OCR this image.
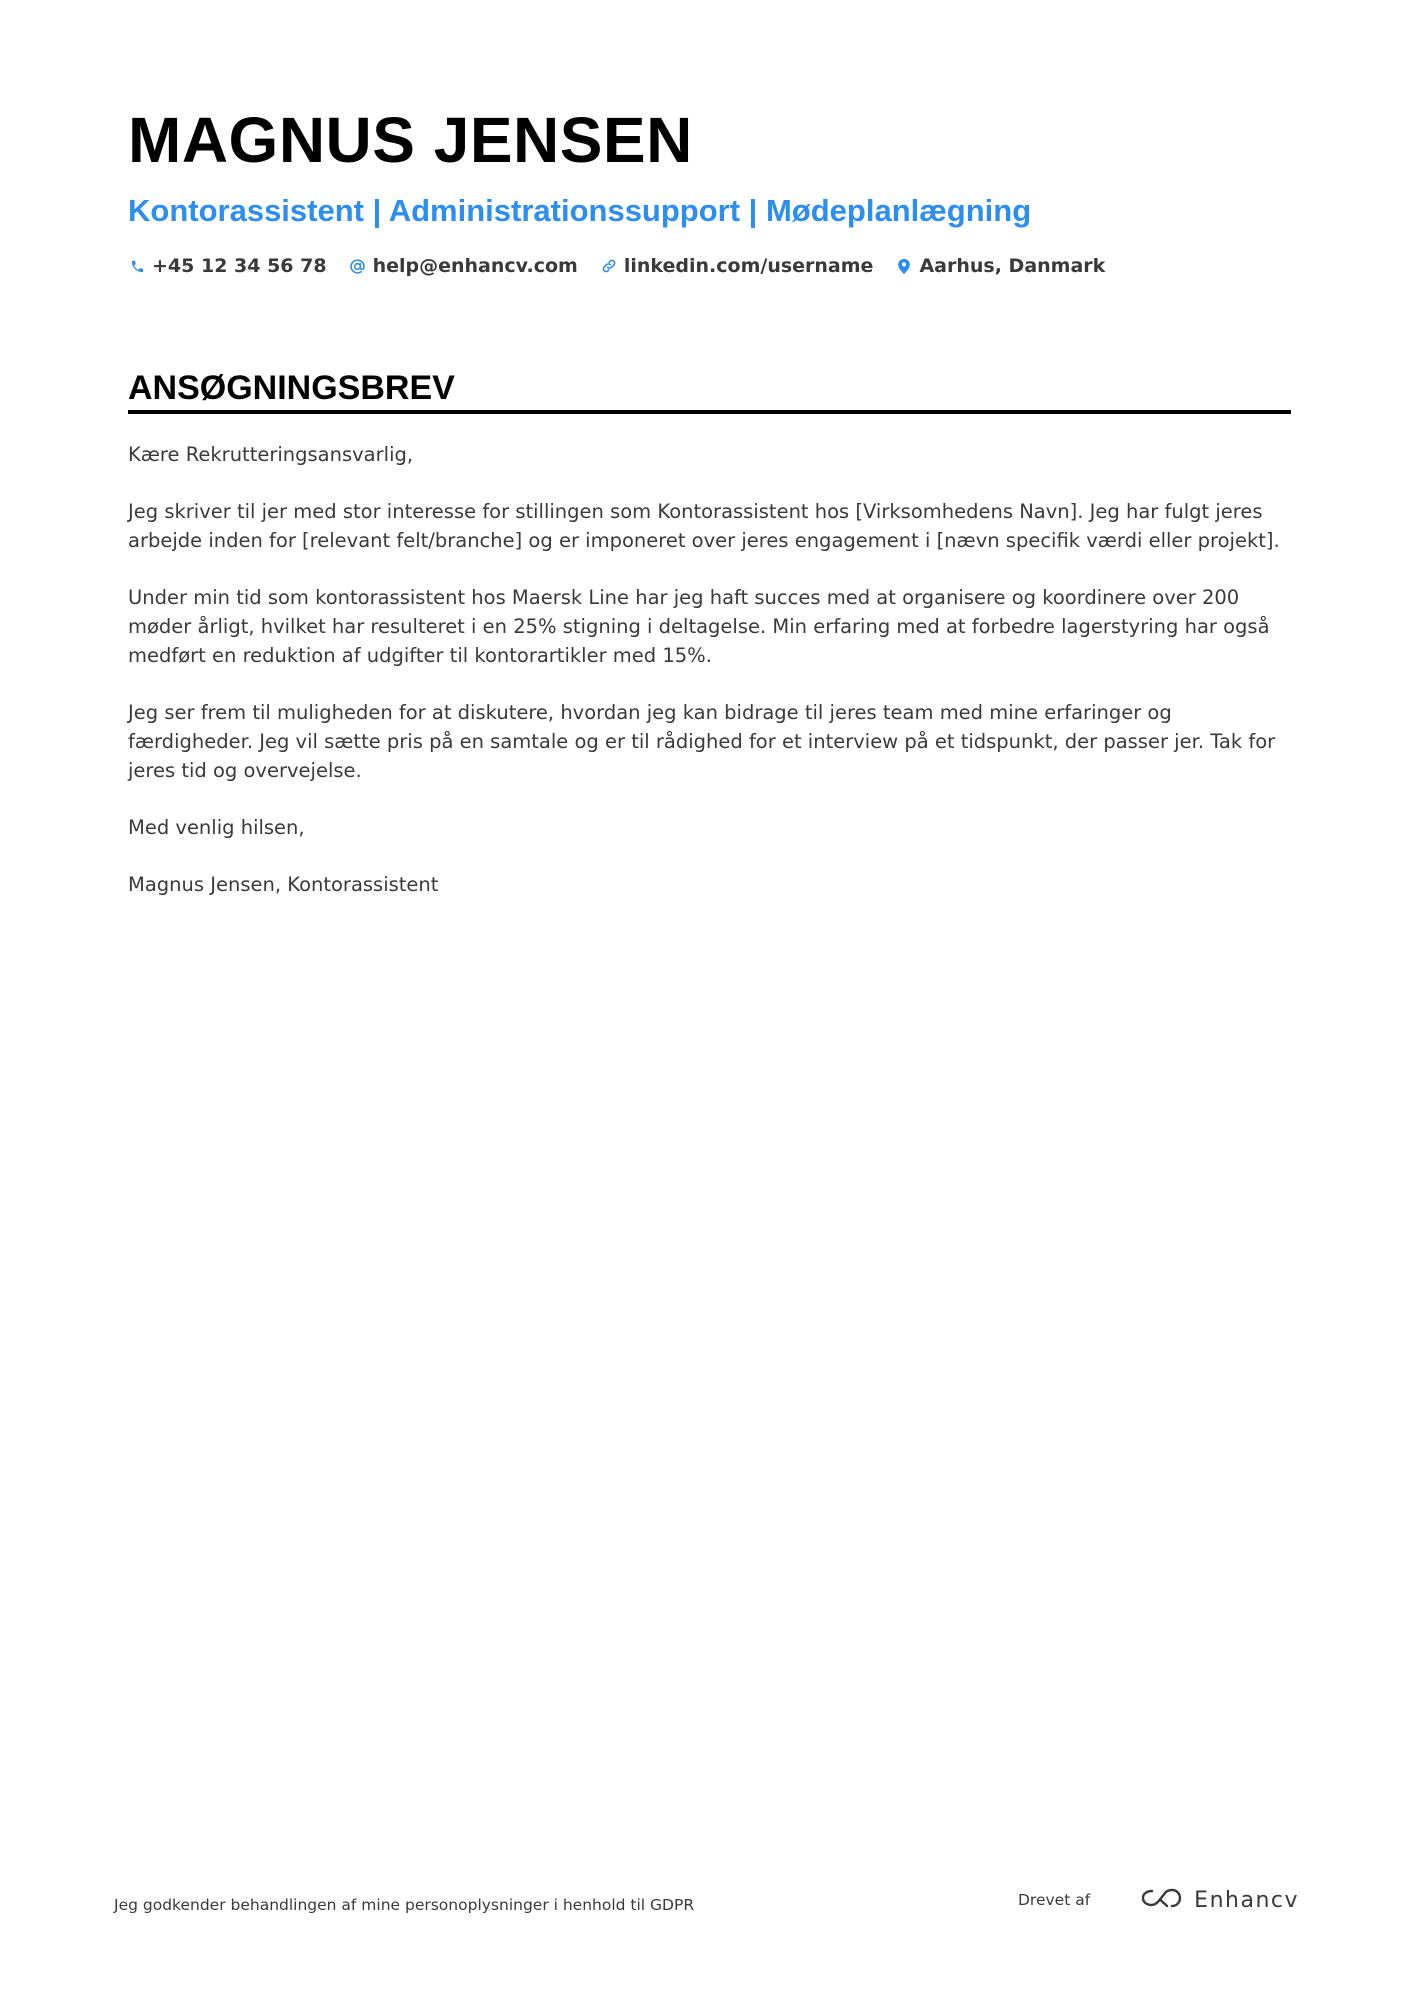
MAGNUS JENSEN
Kontorassistent | Administrationssupport | Mødeplanlægning
+45 12 34 56 78 help@enhancv.com linkedin.com/username Aarhus, Danmark
ANSØGNINGSBREV

Kære Rekrutteringsansvarlig,

Jeg skriver til jer med stor interesse for stillingen som Kontorassistent hos [Virksomhedens Navn]. Jeg har fulgt jeres arbejde inden for [relevant felt/branche] og er imponeret over jeres engagement i [nævn specifik værdi eller projekt].

Under min tid som kontorassistent hos Maersk Line har jeg haft succes med at organisere og koordinere over 200 møder årligt, hvilket har resulteret i en 25% stigning i deltagelse. Min erfaring med at forbedre lagerstyring har også medført en reduktion af udgifter til kontorartikler med 15%.

Jeg ser frem til muligheden for at diskutere, hvordan jeg kan bidrage til jeres team med mine erfaringer og færdigheder. Jeg vil sætte pris på en samtale og er til rådighed for et interview på et tidspunkt, der passer jer. Tak for jeres tid og overvejelse.

Med venlig hilsen,

Magnus Jensen, Kontorassistent

Jeg godkender behandlingen af mine personoplysninger i henhold til GDPR	Drevet af	Enhancv
